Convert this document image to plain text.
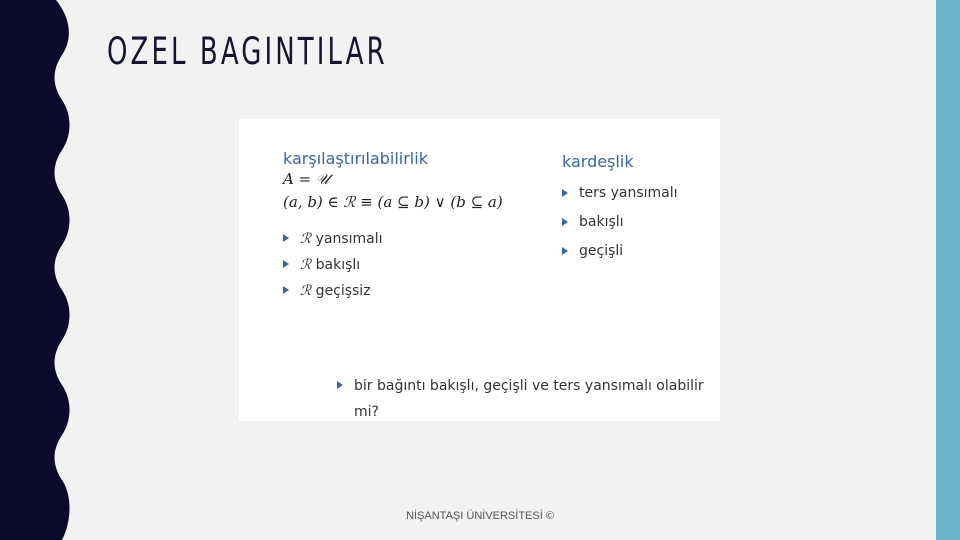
OZEL BAGINTILAR
karşılaştırılabilirlik
A = 𝒰
(a, b) ∈ ℛ ≡ (a ⊆ b) ∨ (b ⊆ a)
ℛ yansımalı
ℛ bakışlı
ℛ geçişsiz
kardeşlik
ters yansımalı
bakışlı
geçişli
bir bağıntı bakışlı, geçişli ve ters yansımalı olabilir mi?
NİŞANTAŞI ÜNİVERSİTESİ ©
